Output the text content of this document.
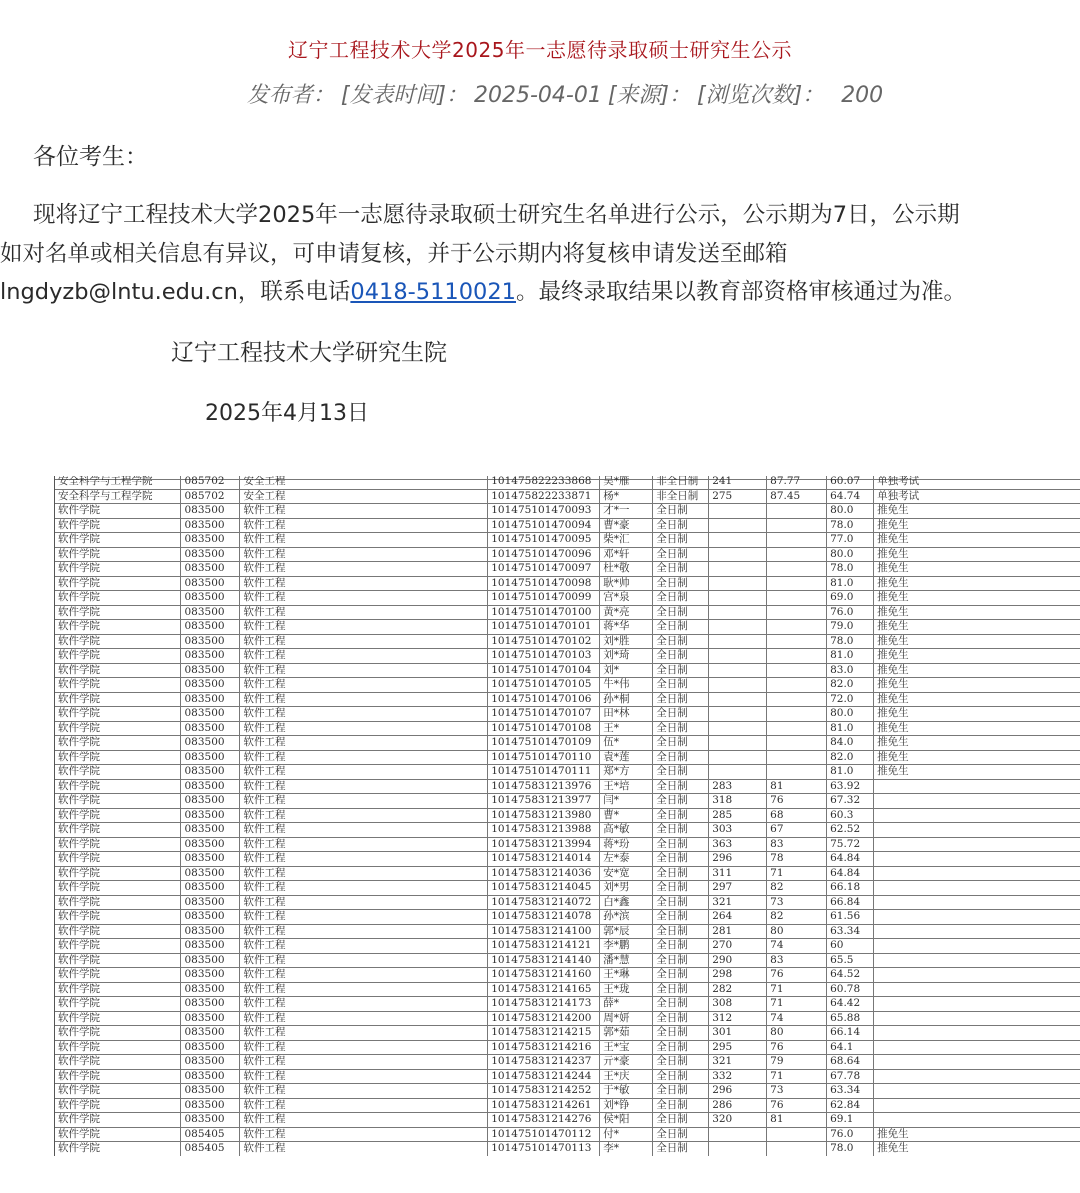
辽宁工程技术大学2025年一志愿待录取硕士研究生公示
发布者： [发表时间]： 2025-04-01 [来源]： [浏览次数]： 200
各位考生：
现将辽宁工程技术大学2025年一志愿待录取硕士研究生名单进行公示，公示期为7日，公示期
如对名单或相关信息有异议，可申请复核，并于公示期内将复核申请发送至邮箱
lngdyzb@lntu.edu.cn，联系电话0418-5110021。最终录取结果以教育部资格审核通过为准。
辽宁工程技术大学研究生院
2025年4月13日
安全科学与工程学院	085702	安全工程	101475822233868	吴*雁	非全日制	241	87.77	60.07	单独考试
安全科学与工程学院	085702	安全工程	101475822233871	杨*	非全日制	275	87.45	64.74	单独考试
软件学院	083500	软件工程	101475101470093	才*一	全日制			80.0	推免生
软件学院	083500	软件工程	101475101470094	曹*豪	全日制			78.0	推免生
软件学院	083500	软件工程	101475101470095	柴*汇	全日制			77.0	推免生
软件学院	083500	软件工程	101475101470096	邓*轩	全日制			80.0	推免生
软件学院	083500	软件工程	101475101470097	杜*敬	全日制			78.0	推免生
软件学院	083500	软件工程	101475101470098	耿*帅	全日制			81.0	推免生
软件学院	083500	软件工程	101475101470099	宫*泉	全日制			69.0	推免生
软件学院	083500	软件工程	101475101470100	黄*亮	全日制			76.0	推免生
软件学院	083500	软件工程	101475101470101	蒋*华	全日制			79.0	推免生
软件学院	083500	软件工程	101475101470102	刘*胜	全日制			78.0	推免生
软件学院	083500	软件工程	101475101470103	刘*琦	全日制			81.0	推免生
软件学院	083500	软件工程	101475101470104	刘*	全日制			83.0	推免生
软件学院	083500	软件工程	101475101470105	牛*伟	全日制			82.0	推免生
软件学院	083500	软件工程	101475101470106	孙*桐	全日制			72.0	推免生
软件学院	083500	软件工程	101475101470107	田*林	全日制			80.0	推免生
软件学院	083500	软件工程	101475101470108	王*	全日制			81.0	推免生
软件学院	083500	软件工程	101475101470109	伍*	全日制			84.0	推免生
软件学院	083500	软件工程	101475101470110	袁*莲	全日制			82.0	推免生
软件学院	083500	软件工程	101475101470111	郑*方	全日制			81.0	推免生
软件学院	083500	软件工程	101475831213976	王*培	全日制	283	81	63.92	
软件学院	083500	软件工程	101475831213977	闫*	全日制	318	76	67.32	
软件学院	083500	软件工程	101475831213980	曹*	全日制	285	68	60.3	
软件学院	083500	软件工程	101475831213988	高*敏	全日制	303	67	62.52	
软件学院	083500	软件工程	101475831213994	蒋*玢	全日制	363	83	75.72	
软件学院	083500	软件工程	101475831214014	左*泰	全日制	296	78	64.84	
软件学院	083500	软件工程	101475831214036	安*宽	全日制	311	71	64.84	
软件学院	083500	软件工程	101475831214045	刘*男	全日制	297	82	66.18	
软件学院	083500	软件工程	101475831214072	白*鑫	全日制	321	73	66.84	
软件学院	083500	软件工程	101475831214078	孙*滨	全日制	264	82	61.56	
软件学院	083500	软件工程	101475831214100	郭*辰	全日制	281	80	63.34	
软件学院	083500	软件工程	101475831214121	李*鹏	全日制	270	74	60	
软件学院	083500	软件工程	101475831214140	潘*慧	全日制	290	83	65.5	
软件学院	083500	软件工程	101475831214160	王*琳	全日制	298	76	64.52	
软件学院	083500	软件工程	101475831214165	王*珑	全日制	282	71	60.78	
软件学院	083500	软件工程	101475831214173	薛*	全日制	308	71	64.42	
软件学院	083500	软件工程	101475831214200	周*妍	全日制	312	74	65.88	
软件学院	083500	软件工程	101475831214215	郭*茹	全日制	301	80	66.14	
软件学院	083500	软件工程	101475831214216	王*宝	全日制	295	76	64.1	
软件学院	083500	软件工程	101475831214237	亓*豪	全日制	321	79	68.64	
软件学院	083500	软件工程	101475831214244	王*庆	全日制	332	71	67.78	
软件学院	083500	软件工程	101475831214252	于*敏	全日制	296	73	63.34	
软件学院	083500	软件工程	101475831214261	刘*铮	全日制	286	76	62.84	
软件学院	083500	软件工程	101475831214276	侯*阳	全日制	320	81	69.1	
软件学院	085405	软件工程	101475101470112	付*	全日制			76.0	推免生
软件学院	085405	软件工程	101475101470113	李*	全日制			78.0	推免生
